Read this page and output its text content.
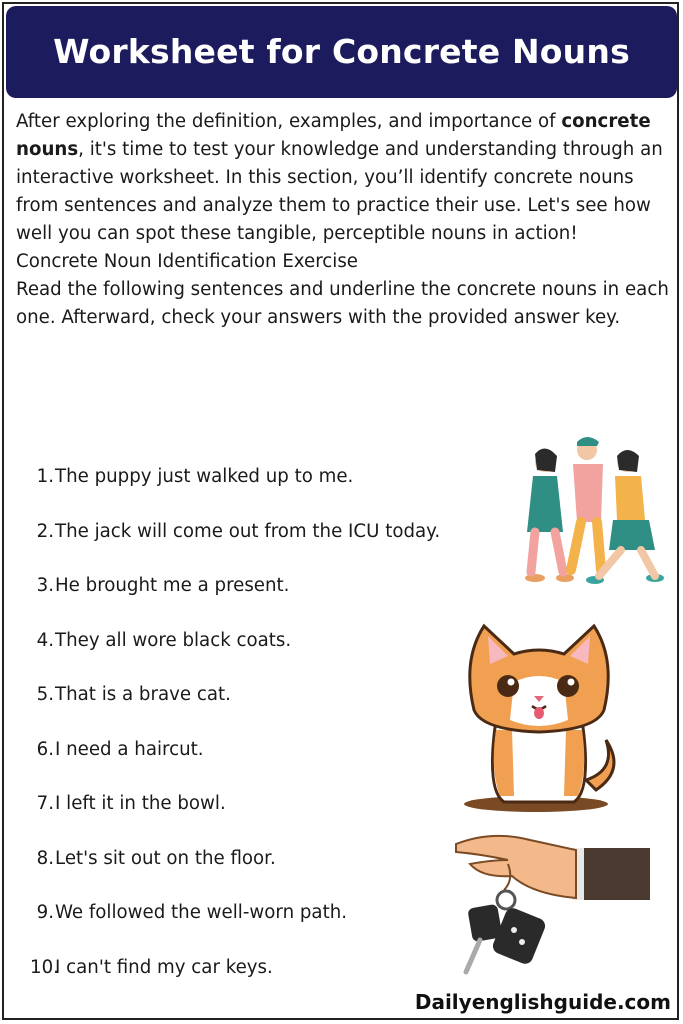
Worksheet for Concrete Nouns
After exploring the definition, examples, and importance of concrete nouns, it's time to test your knowledge and understanding through an interactive worksheet. In this section, you’ll identify concrete nouns from sentences and analyze them to practice their use. Let's see how well you can spot these tangible, perceptible nouns in action!
Concrete Noun Identification Exercise
Read the following sentences and underline the concrete nouns in each one. Afterward, check your answers with the provided answer key.
1. The puppy just walked up to me.
2. The jack will come out from the ICU today.
3. He brought me a present.
4. They all wore black coats.
5. That is a brave cat.
6. I need a haircut.
7. I left it in the bowl.
8. Let's sit out on the floor.
9. We followed the well-worn path.
10.
I can't find my car keys.
Dailyenglishguide.com
